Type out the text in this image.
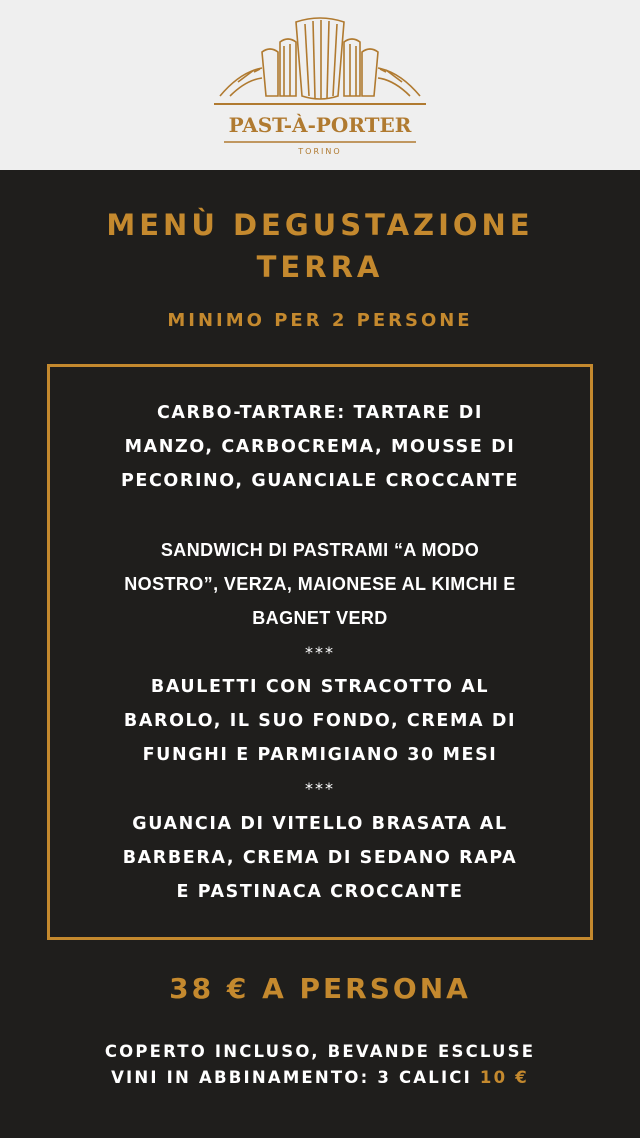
PAST-À-PORTER
TORINO
MENÙ DEGUSTAZIONE
TERRA
MINIMO PER 2 PERSONE
CARBO-TARTARE: TARTARE DI
MANZO, CARBOCREMA, MOUSSE DI
PECORINO, GUANCIALE CROCCANTE
SANDWICH DI PASTRAMI “A MODO
NOSTRO”, VERZA, MAIONESE AL KIMCHI E
BAGNET VERD
***
BAULETTI CON STRACOTTO AL
BAROLO, IL SUO FONDO, CREMA DI
FUNGHI E PARMIGIANO 30 MESI
***
GUANCIA DI VITELLO BRASATA AL
BARBERA, CREMA DI SEDANO RAPA
E PASTINACA CROCCANTE
38 € A PERSONA
COPERTO INCLUSO, BEVANDE ESCLUSE
VINI IN ABBINAMENTO: 3 CALICI 10 €
